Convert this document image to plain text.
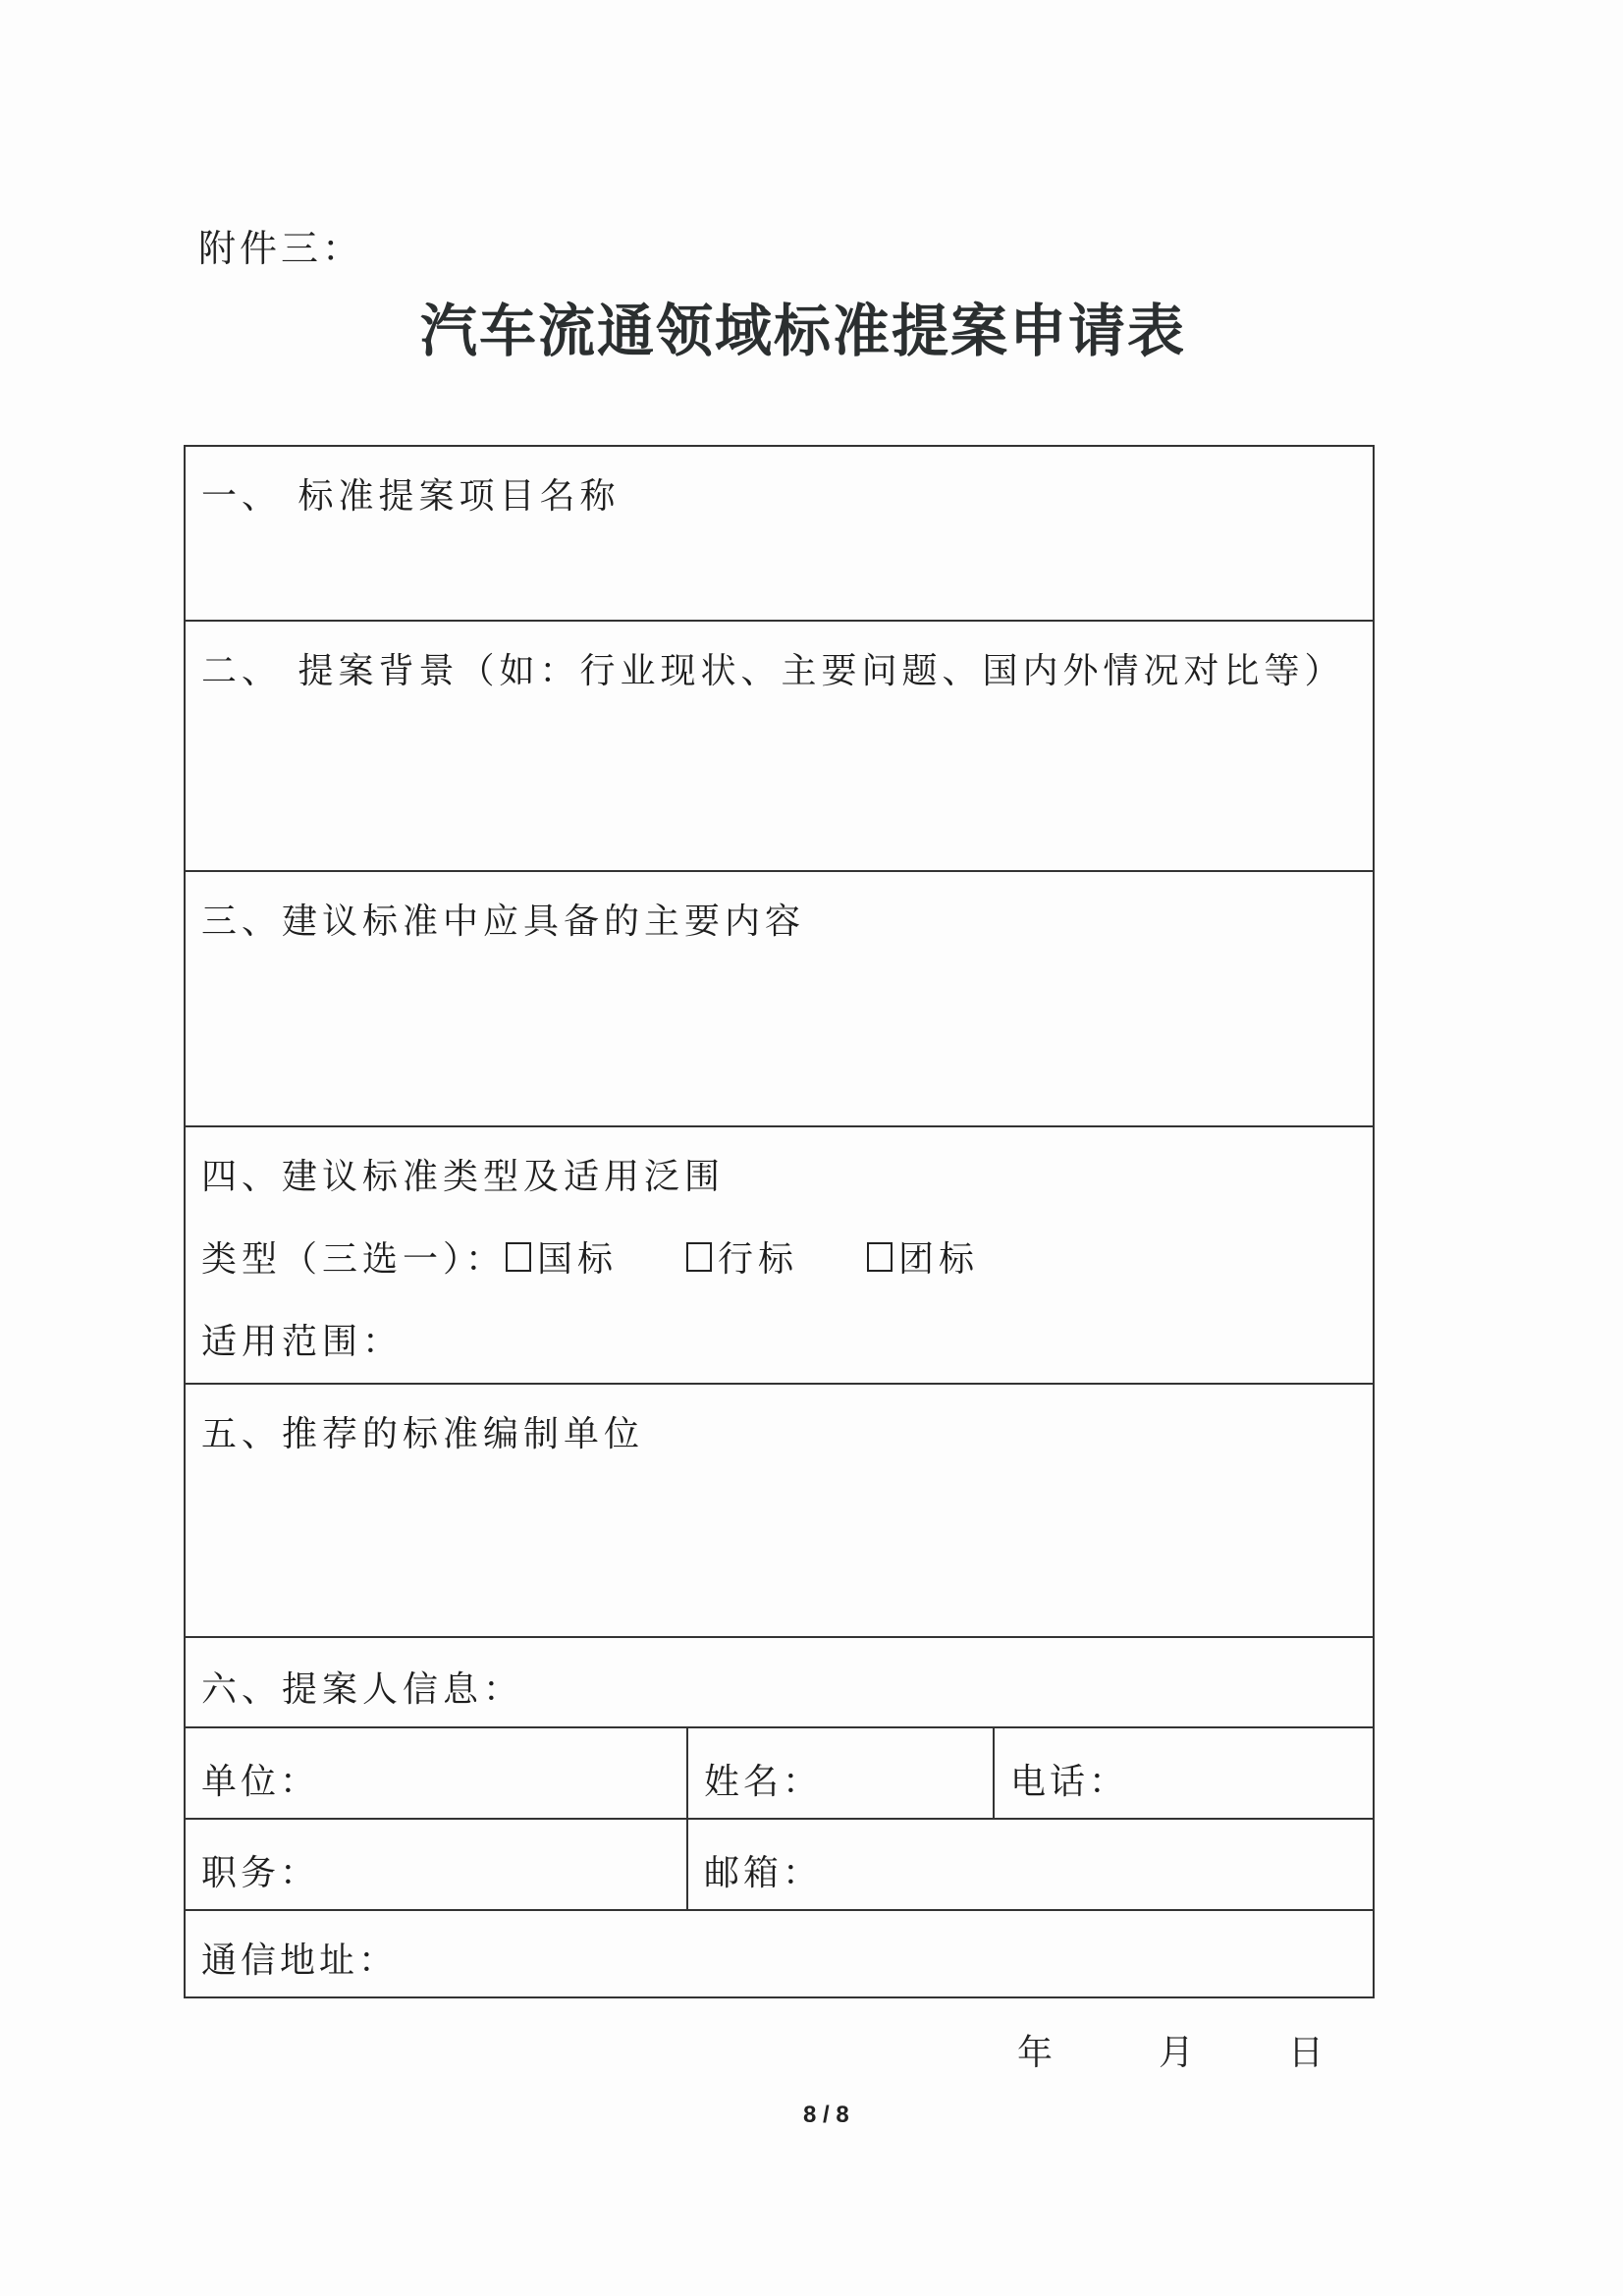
附件三：
汽车流通领域标准提案申请表
一、 标准提案项目名称
二、 提案背景（如：行业现状、主要问题、国内外情况对比等）
三、建议标准中应具备的主要内容
四、建议标准类型及适用泛围
类型（三选一）： 国标	行标	团标
适用范围：
五、推荐的标准编制单位
六、提案人信息：
单位：	姓名：	电话：
职务：	邮箱：
通信地址：
年	月	日
8 / 8
